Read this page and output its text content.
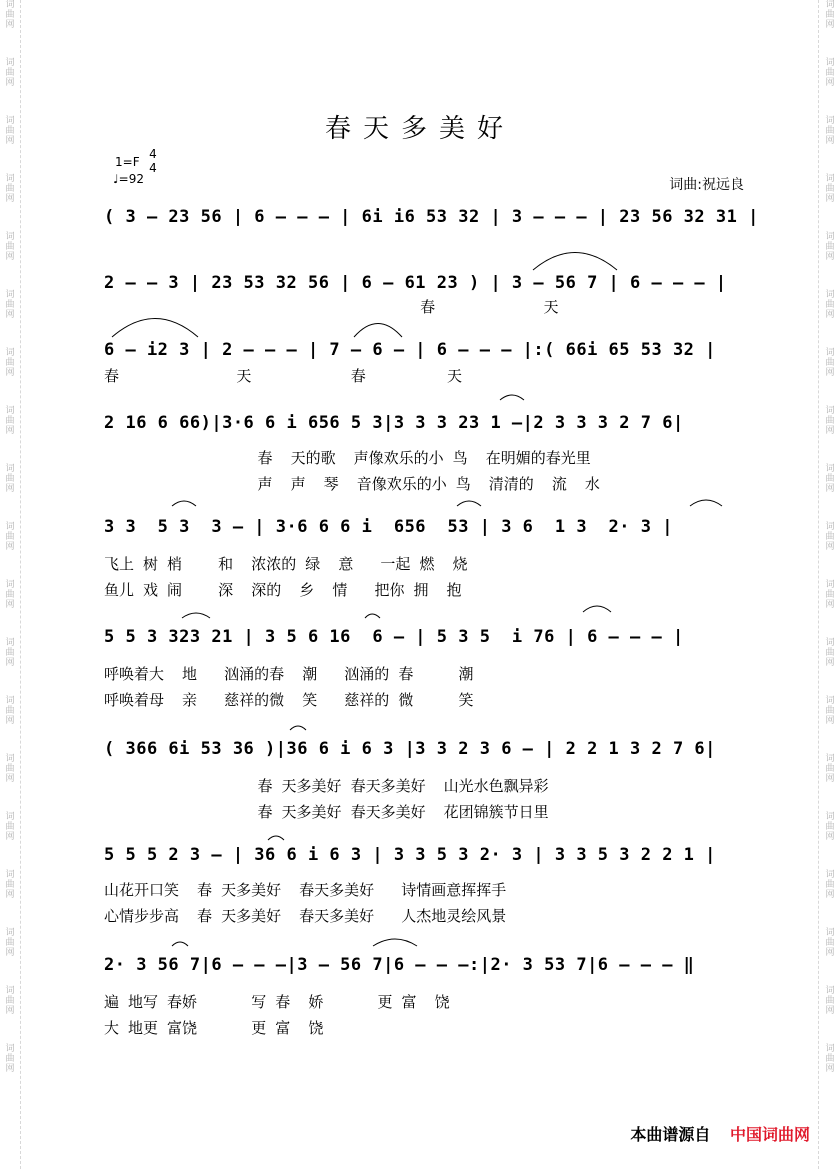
词
曲
网
词
曲
网
词
曲
网
词
曲
网
词
曲
网
词
曲
网
词
曲
网
词
曲
网
词
曲
网
词
曲
网
词
曲
网
词
曲
网
词
曲
网
词
曲
网
词
曲
网
词
曲
网
词
曲
网
词
曲
网
词
曲
网
词
曲
网
词
曲
网
词
曲
网
词
曲
网
词
曲
网
词
曲
网
词
曲
网
词
曲
网
词
曲
网
词
曲
网
词
曲
网
词
曲
网
词
曲
网
词
曲
网
词
曲
网
词
曲
网
词
曲
网
词
曲
网
词
曲
网
春天多美好
1=F
4
4
♩=92	词曲:祝远良
( 3 – 23 56 | 6 – – – | 6i i6 53 32 | 3 – – – | 23 56 32 31 |
2 – – 3 | 23 53 32 56 | 6 – 61 23 ) | 3 – 56 7 | 6 – – – |
春            天
6 – i2 3 | 2 – – – | 7 – 6 – | 6 – – – |:( 66i 65 53 32 |
春             天           春         天
2 16 6 66)|3·6 6 i 656 5 3|3 3 3 23 1 –|2 3 3 3 2 7 6|
春  天的歌  声像欢乐的小 鸟  在明媚的春光里
声  声  琴  音像欢乐的小 鸟  清清的  流  水
3 3  5 3  3 – | 3·6 6 6 i  656  53 | 3 6  1 3  2· 3 |
飞上 树 梢    和  浓浓的 绿  意   一起 燃  烧
鱼儿 戏 闹    深  深的  乡  情   把你 拥  抱
5 5 3 323 21 | 3 5 6 16  6 – | 5 3 5  i 76 | 6 – – – |
呼唤着大  地   汹涌的春  潮   汹涌的 春     潮
呼唤着母  亲   慈祥的微  笑   慈祥的 微     笑
( 366 6i 53 36 )|36 6 i 6 3 |3 3 2 3 6 – | 2 2 1 3 2 7 6|
春 天多美好 春天多美好  山光水色飘异彩
春 天多美好 春天多美好  花团锦簇节日里
5 5 5 2 3 – | 36 6 i 6 3 | 3 3 5 3 2· 3 | 3 3 5 3 2 2 1 |
山花开口笑  春 天多美好  春天多美好   诗情画意挥挥手
心情步步高  春 天多美好  春天多美好   人杰地灵绘风景
2· 3 56 7|6 – – –|3 – 56 7|6 – – –:|2· 3 53 7|6 – – – ‖
遍 地写 春娇      写 春  娇      更 富  饶
大 地更 富饶      更 富  饶
本曲谱源自 中国词曲网
